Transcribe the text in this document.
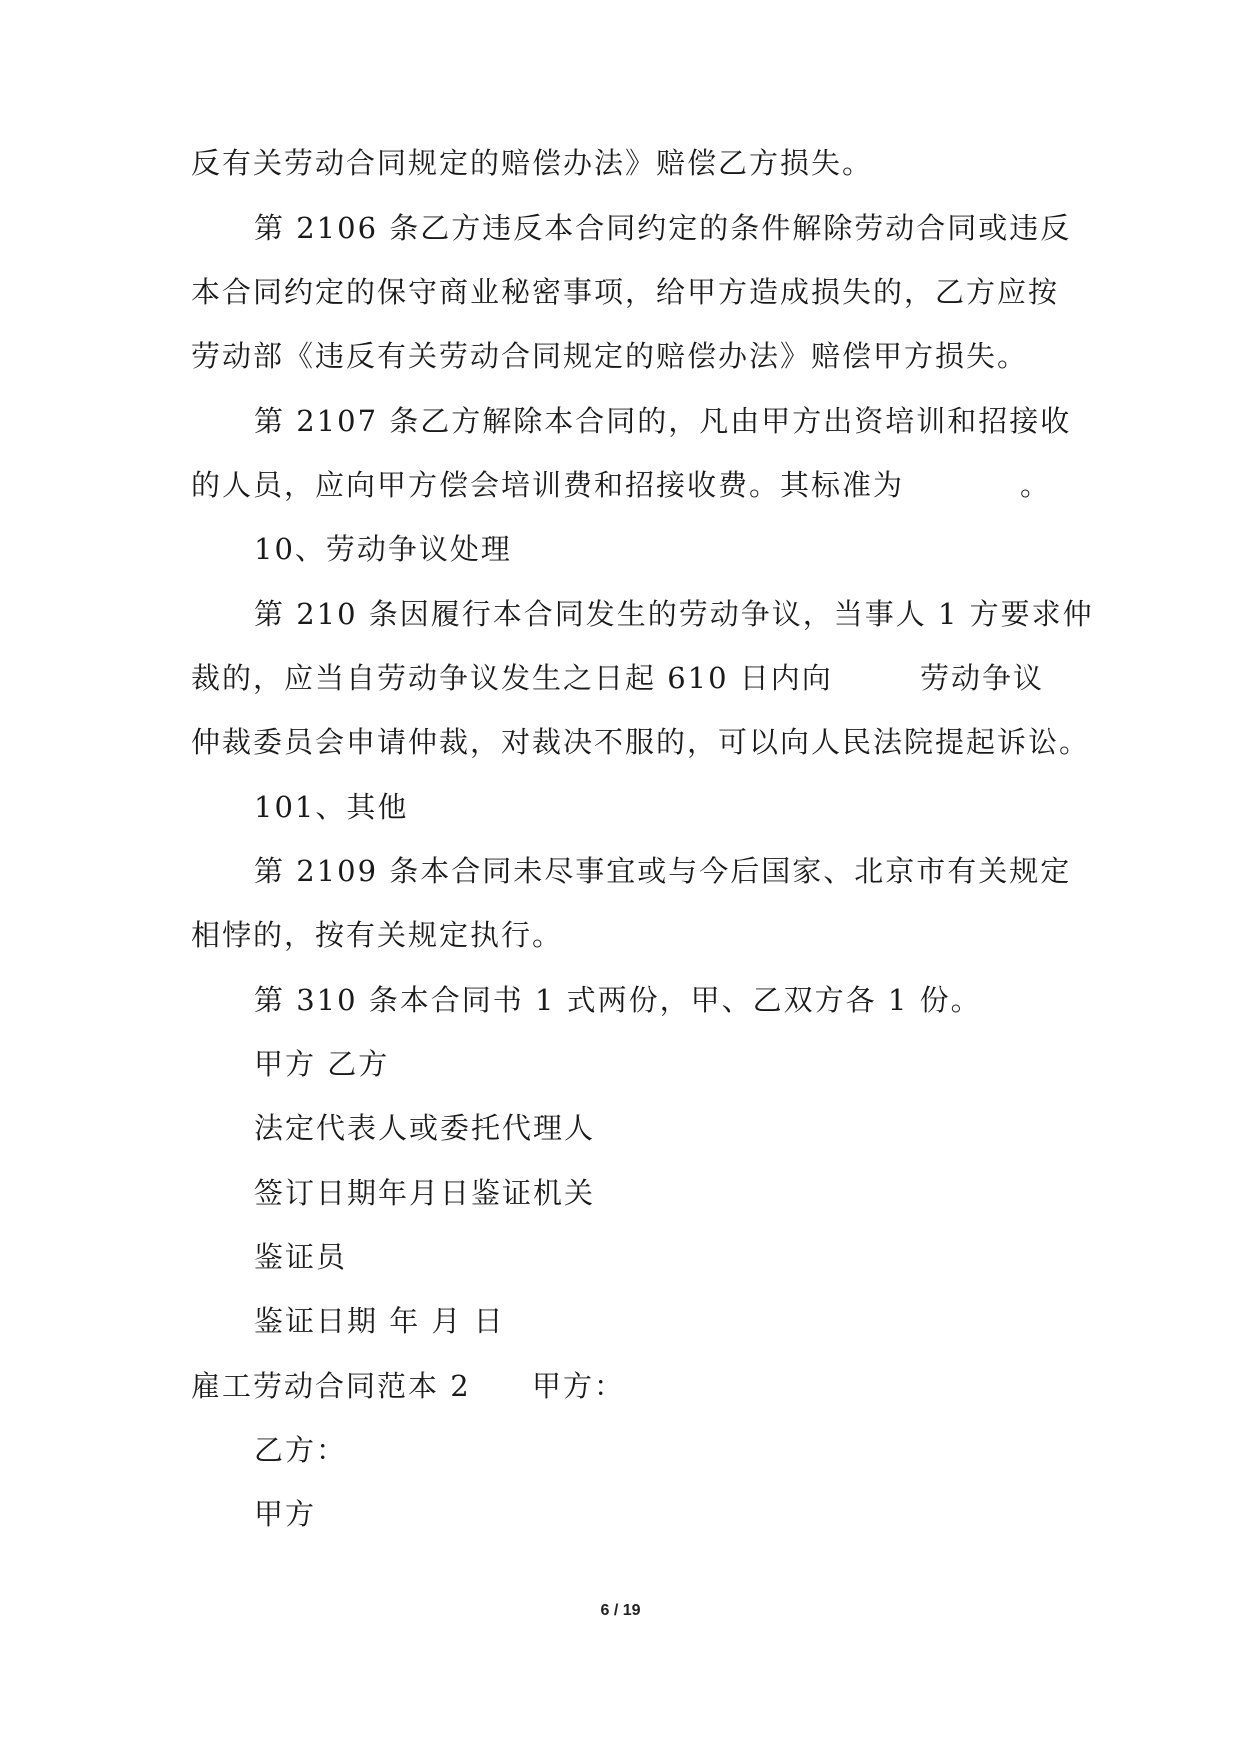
反有关劳动合同规定的赔偿办法》赔偿乙方损失。
第 2106 条乙方违反本合同约定的条件解除劳动合同或违反
本合同约定的保守商业秘密事项，给甲方造成损失的，乙方应按
劳动部《违反有关劳动合同规定的赔偿办法》赔偿甲方损失。
第 2107 条乙方解除本合同的，凡由甲方出资培训和招接收
的人员，应向甲方偿会培训费和招接收费。其标准为	。
10、劳动争议处理
第 210 条因履行本合同发生的劳动争议，当事人 1 方要求仲
裁的，应当自劳动争议发生之日起 610 日内向	劳动争议
仲裁委员会申请仲裁，对裁决不服的，可以向人民法院提起诉讼。
101、其他
第 2109 条本合同未尽事宜或与今后国家、北京市有关规定
相悖的，按有关规定执行。
第 310 条本合同书 1 式两份，甲、乙双方各 1 份。
甲方 乙方
法定代表人或委托代理人
签订日期年月日鉴证机关
鉴证员
鉴证日期 年 月 日
雇工劳动合同范本 2 甲方：
乙方：
甲方
6 / 19
